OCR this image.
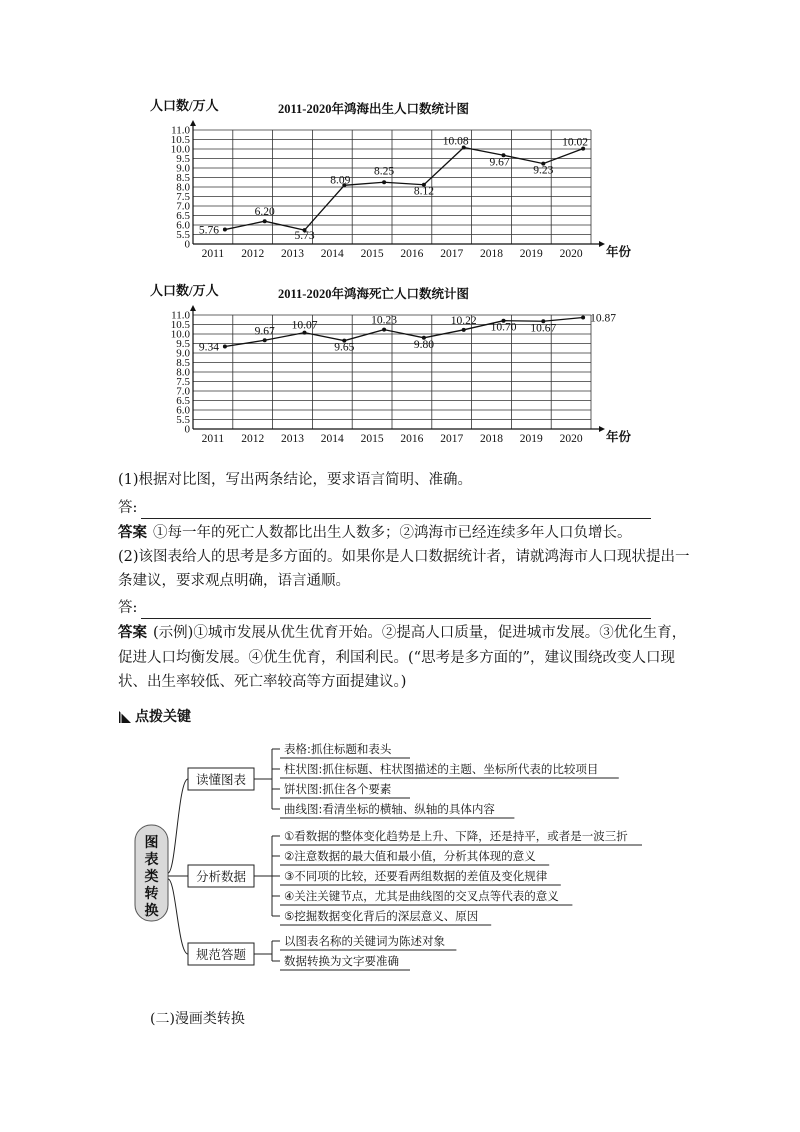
人口数/万人	2011-2020年鸿海出生人口数统计图
11.0
10.5
10.0
9.5
9.0
8.5
8.0
7.5
7.0
6.5
6.0
5.5
0
年份
2011 2012 2013 2014 2015 2016 2017 2018 2019 2020
5.76
6.20
5.73
8.09
8.25
8.12
10.08
9.67
9.23
10.02
人口数/万人	2011-2020年鸿海死亡人口数统计图
11.0
10.5
10.0
9.5
9.0
8.5
8.0
7.5
7.0
6.5
6.0
5.5
0
年份
2011 2012 2013 2014 2015 2016 2017 2018 2019 2020
9.34
9.67 10.07
9.65
10.23
9.80
10.22
10.70 10.67
10.87
(1)根据对比图，写出两条结论，要求语言简明、准确。
答:
答案 ①每一年的死亡人数都比出生人数多；②鸿海市已经连续多年人口负增长。
(2)该图表给人的思考是多方面的。如果你是人口数据统计者，请就鸿海市人口现状提出一
条建议，要求观点明确，语言通顺。
答:
答案 (示例)①城市发展从优生优育开始。②提高人口质量，促进城市发展。③优化生育，
促进人口均衡发展。④优生优育，利国利民。(“思考是多方面的”，建议围绕改变人口现
状、出生率较低、死亡率较高等方面提建议。)
点拨关键
图
表
类
转
换
读懂图表
表格:抓住标题和表头
柱状图:抓住标题、柱状图描述的主题、坐标所代表的比较项目
饼状图:抓住各个要素
曲线图:看清坐标的横轴、纵轴的具体内容
分析数据
①看数据的整体变化趋势是上升、下降，还是持平，或者是一波三折
②注意数据的最大值和最小值，分析其体现的意义
③不同项的比较，还要看两组数据的差值及变化规律
④关注关键节点，尤其是曲线图的交叉点等代表的意义
⑤挖掘数据变化背后的深层意义、原因
规范答题
以图表名称的关键词为陈述对象
数据转换为文字要准确
(二)漫画类转换
